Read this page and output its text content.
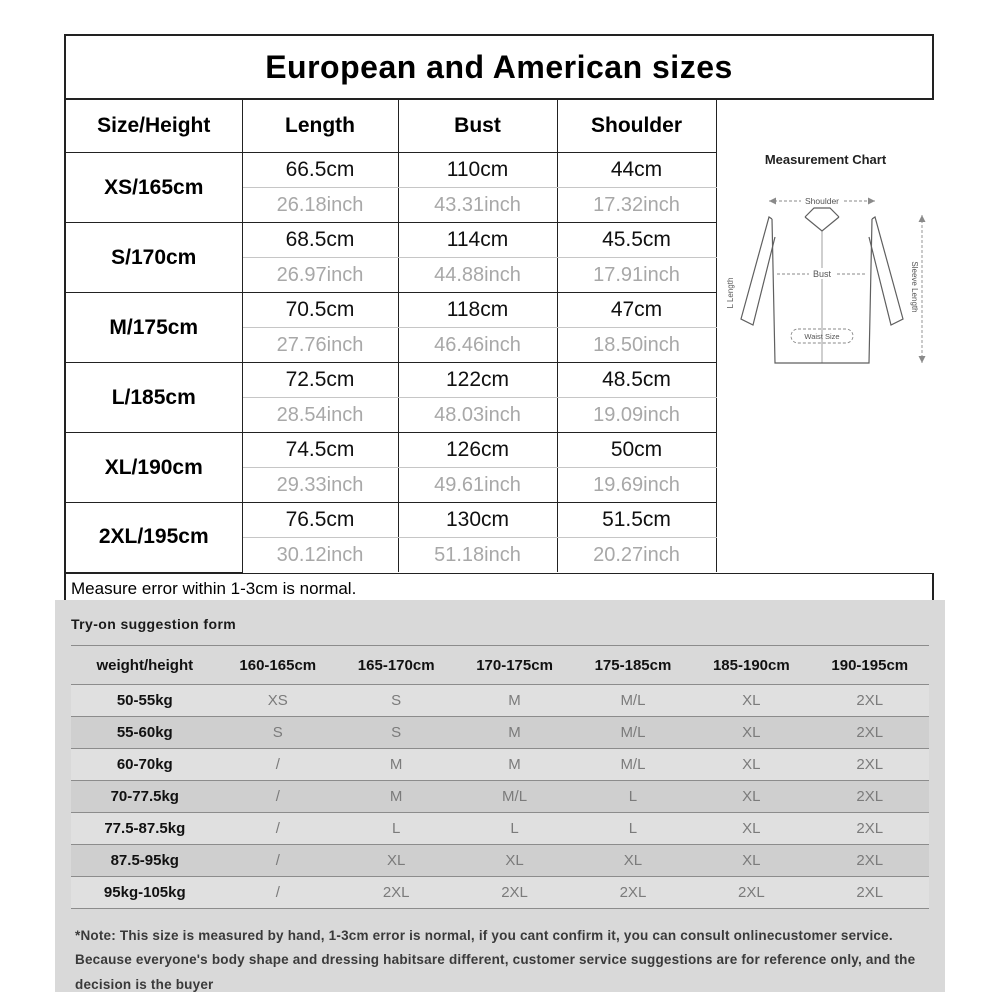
European and American sizes
Size/Height	Length	Bust	Shoulder
XS/165cm	66.5cm	110cm	44cm
	26.18inch	43.31inch	17.32inch
S/170cm	68.5cm	114cm	45.5cm
	26.97inch	44.88inch	17.91inch
M/175cm	70.5cm	118cm	47cm
	27.76inch	46.46inch	18.50inch
L/185cm	72.5cm	122cm	48.5cm
	28.54inch	48.03inch	19.09inch
XL/190cm	74.5cm	126cm	50cm
	29.33inch	49.61inch	19.69inch
2XL/195cm	76.5cm	130cm	51.5cm
	30.12inch	51.18inch	20.27inch
Measurement Chart
Shoulder
Bust
Waist Size
L Length	Sleeve Length
Measure error within 1-3cm is normal.
Try-on suggestion form
weight/height	160-165cm	165-170cm	170-175cm	175-185cm	185-190cm	190-195cm
50-55kg	XS	S	M	M/L	XL	2XL
55-60kg	S	S	M	M/L	XL	2XL
60-70kg	/	M	M	M/L	XL	2XL
70-77.5kg	/	M	M/L	L	XL	2XL
77.5-87.5kg	/	L	L	L	XL	2XL
87.5-95kg	/	XL	XL	XL	XL	2XL
95kg-105kg	/	2XL	2XL	2XL	2XL	2XL
*Note: This size is measured by hand, 1-3cm error is normal, if you cant confirm it, you can consult onlinecustomer service. Because everyone's body shape and dressing habitsare different, customer service suggestions are for reference only, and the decision is the buyer
